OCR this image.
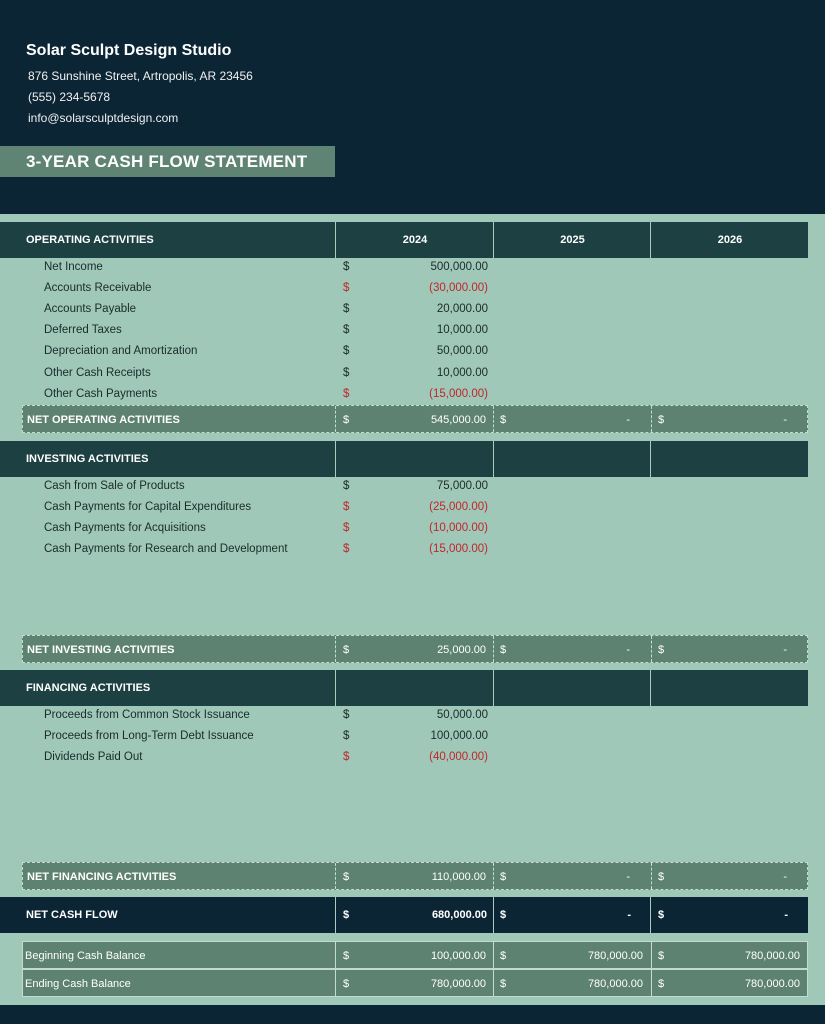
Solar Sculpt Design Studio
876 Sunshine Street, Artropolis, AR 23456
(555) 234-5678
info@solarsculptdesign.com
3-YEAR CASH FLOW STATEMENT
OPERATING ACTIVITIES	2024	2025	2026
Net Income	$	500,000.00
Accounts Receivable	$	(30,000.00)
Accounts Payable	$	20,000.00
Deferred Taxes	$	10,000.00
Depreciation and Amortization	$	50,000.00
Other Cash Receipts	$	10,000.00
Other Cash Payments	$	(15,000.00)
NET OPERATING ACTIVITIES	$	545,000.00 $	-	$	-
INVESTING ACTIVITIES
Cash from Sale of Products	$	75,000.00
Cash Payments for Capital Expenditures	$	(25,000.00)
Cash Payments for Acquisitions	$	(10,000.00)
Cash Payments for Research and Development	$	(15,000.00)
NET INVESTING ACTIVITIES	$	25,000.00 $	-	$	-
FINANCING ACTIVITIES
Proceeds from Common Stock Issuance	$	50,000.00
Proceeds from Long-Term Debt Issuance	$	100,000.00
Dividends Paid Out	$	(40,000.00)
NET FINANCING ACTIVITIES	$	110,000.00 $	-	$	-
NET CASH FLOW	$	680,000.00 $	- $	-
Beginning Cash Balance	$	100,000.00 $	780,000.00 $	780,000.00
Ending Cash Balance	$	780,000.00 $	780,000.00 $	780,000.00
